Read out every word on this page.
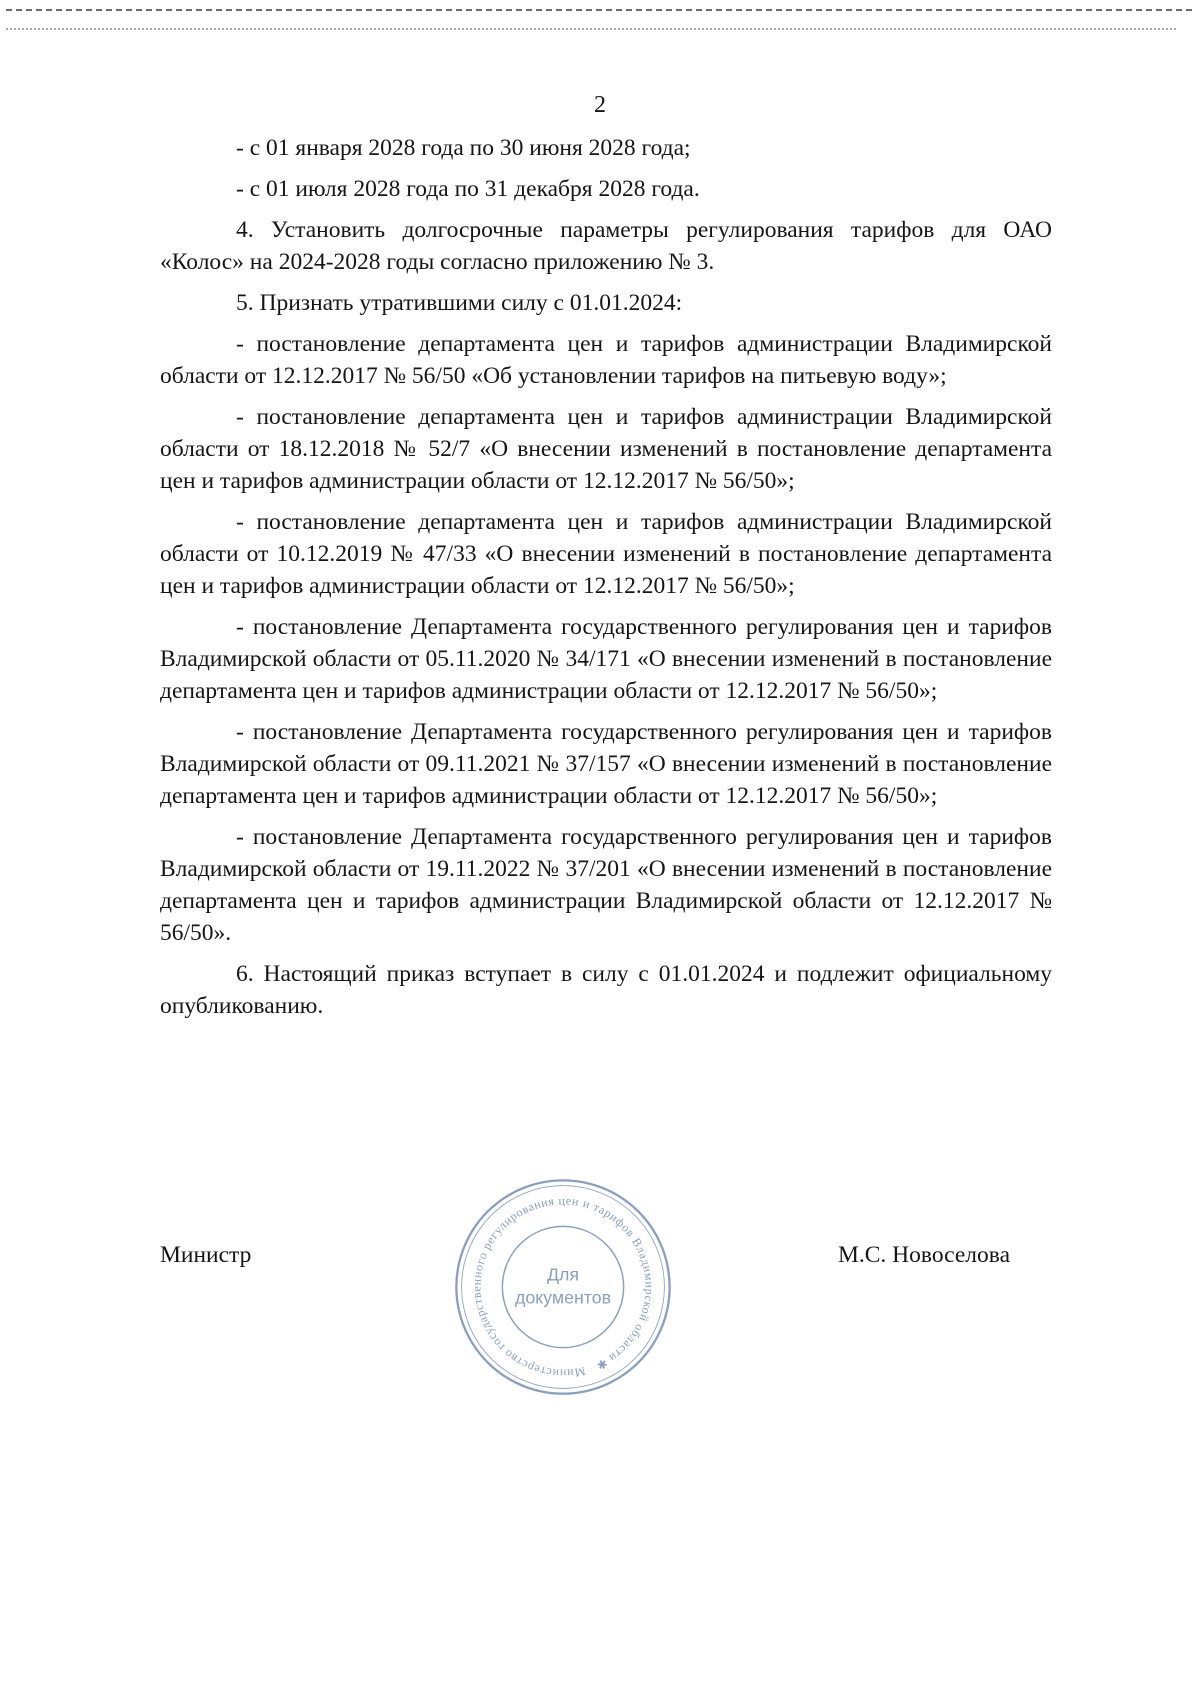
2

- с 01 января 2028 года по 30 июня 2028 года;

- с 01 июля 2028 года по 31 декабря 2028 года.

4. Установить долгосрочные параметры регулирования тарифов для ОАО «Колос» на 2024-2028 годы согласно приложению № 3.

5. Признать утратившими силу с 01.01.2024:

- постановление департамента цен и тарифов администрации Владимирской области от 12.12.2017 № 56/50 «Об установлении тарифов на питьевую воду»;

- постановление департамента цен и тарифов администрации Владимирской области от 18.12.2018 № 52/7 «О внесении изменений в постановление департамента цен и тарифов администрации области от 12.12.2017 № 56/50»;

- постановление департамента цен и тарифов администрации Владимирской области от 10.12.2019 № 47/33 «О внесении изменений в постановление департамента цен и тарифов администрации области от 12.12.2017 № 56/50»;

- постановление Департамента государственного регулирования цен и тарифов Владимирской области от 05.11.2020 № 34/171 «О внесении изменений в постановление департамента цен и тарифов администрации области от 12.12.2017 № 56/50»;

- постановление Департамента государственного регулирования цен и тарифов Владимирской области от 09.11.2021 № 37/157 «О внесении изменений в постановление департамента цен и тарифов администрации области от 12.12.2017 № 56/50»;

- постановление Департамента государственного регулирования цен и тарифов Владимирской области от 19.11.2022 № 37/201 «О внесении изменений в постановление департамента цен и тарифов администрации Владимирской области от 12.12.2017 № 56/50».

6. Настоящий приказ вступает в силу с 01.01.2024 и подлежит официальному опубликованию.

Министр	М.С. Новоселова
Министерство государственного регулирования цен и тарифов Владимирской области ✱
Для
документов
